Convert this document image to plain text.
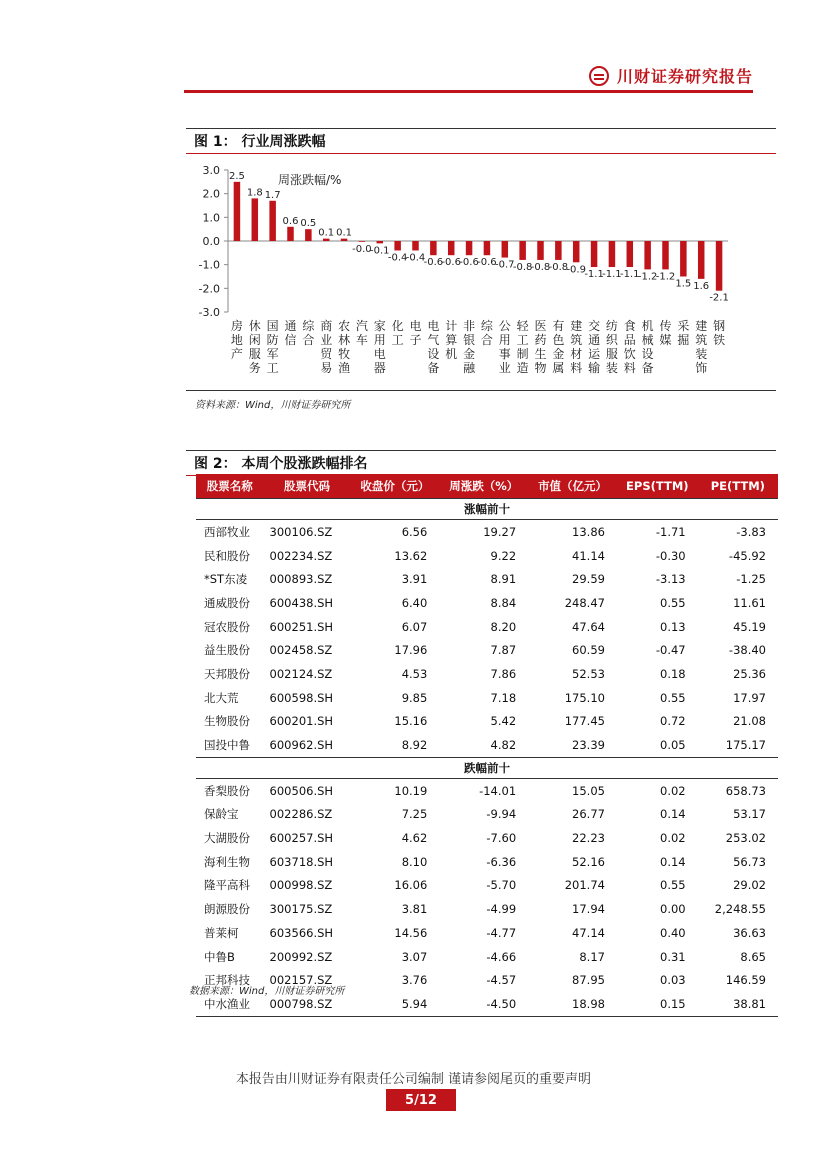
川财证券研究报告
图 1： 行业周涨跌幅
3.0
2.0
1.0
0.0
-1.0
-2.0
-3.0
周涨跌幅/%
2.5
房
地
产
1.8
休
闲
服
务
1.7
国
防
军
工
0.6
通
信
0.5
综
合
0.1
商
业
贸
易
0.1
农
林
牧
渔
-0.0
汽
车
-0.1
家
用
电
器
-0.4
化
工
-0.4
电
子
-0.6
电
气
设
备
-0.6
计
算
机
-0.6
非
银
金
融
-0.6
综
合
-0.7
公
用
事
业
-0.8
轻
工
制
造
-0.8
医
药
生
物
-0.8
有
色
金
属
-0.9
建
筑
材
料
-1.1
交
通
运
输
-1.1
纺
织
服
装
-1.1
食
品
饮
料
-1.2
机
械
设
备
-1.2
传
媒
1.5
采
掘
1.6
建
筑
装
饰
-2.1
钢
铁
资料来源：Wind，川财证券研究所
图 2： 本周个股涨跌幅排名
股票名称	股票代码	收盘价（元）	周涨跌（%）	市值（亿元）	EPS(TTM)	PE(TTM)
涨幅前十						
西部牧业	300106.SZ	6.56	19.27	13.86	-1.71	-3.83
民和股份	002234.SZ	13.62	9.22	41.14	-0.30	-45.92
*ST东凌	000893.SZ	3.91	8.91	29.59	-3.13	-1.25
通威股份	600438.SH	6.40	8.84	248.47	0.55	11.61
冠农股份	600251.SH	6.07	8.20	47.64	0.13	45.19
益生股份	002458.SZ	17.96	7.87	60.59	-0.47	-38.40
天邦股份	002124.SZ	4.53	7.86	52.53	0.18	25.36
北大荒	600598.SH	9.85	7.18	175.10	0.55	17.97
生物股份	600201.SH	15.16	5.42	177.45	0.72	21.08
国投中鲁	600962.SH	8.92	4.82	23.39	0.05	175.17
跌幅前十						
香梨股份	600506.SH	10.19	-14.01	15.05	0.02	658.73
保龄宝	002286.SZ	7.25	-9.94	26.77	0.14	53.17
大湖股份	600257.SH	4.62	-7.60	22.23	0.02	253.02
海利生物	603718.SH	8.10	-6.36	52.16	0.14	56.73
隆平高科	000998.SZ	16.06	-5.70	201.74	0.55	29.02
朗源股份	300175.SZ	3.81	-4.99	17.94	0.00	2,248.55
普莱柯	603566.SH	14.56	-4.77	47.14	0.40	36.63
中鲁B	200992.SZ	3.07	-4.66	8.17	0.31	8.65
正邦科技	002157.SZ	3.76	-4.57	87.95	0.03	146.59
中水渔业	000798.SZ	5.94	-4.50	18.98	0.15	38.81
数据来源：Wind，川财证券研究所
本报告由川财证券有限责任公司编制 谨请参阅尾页的重要声明
5/12
